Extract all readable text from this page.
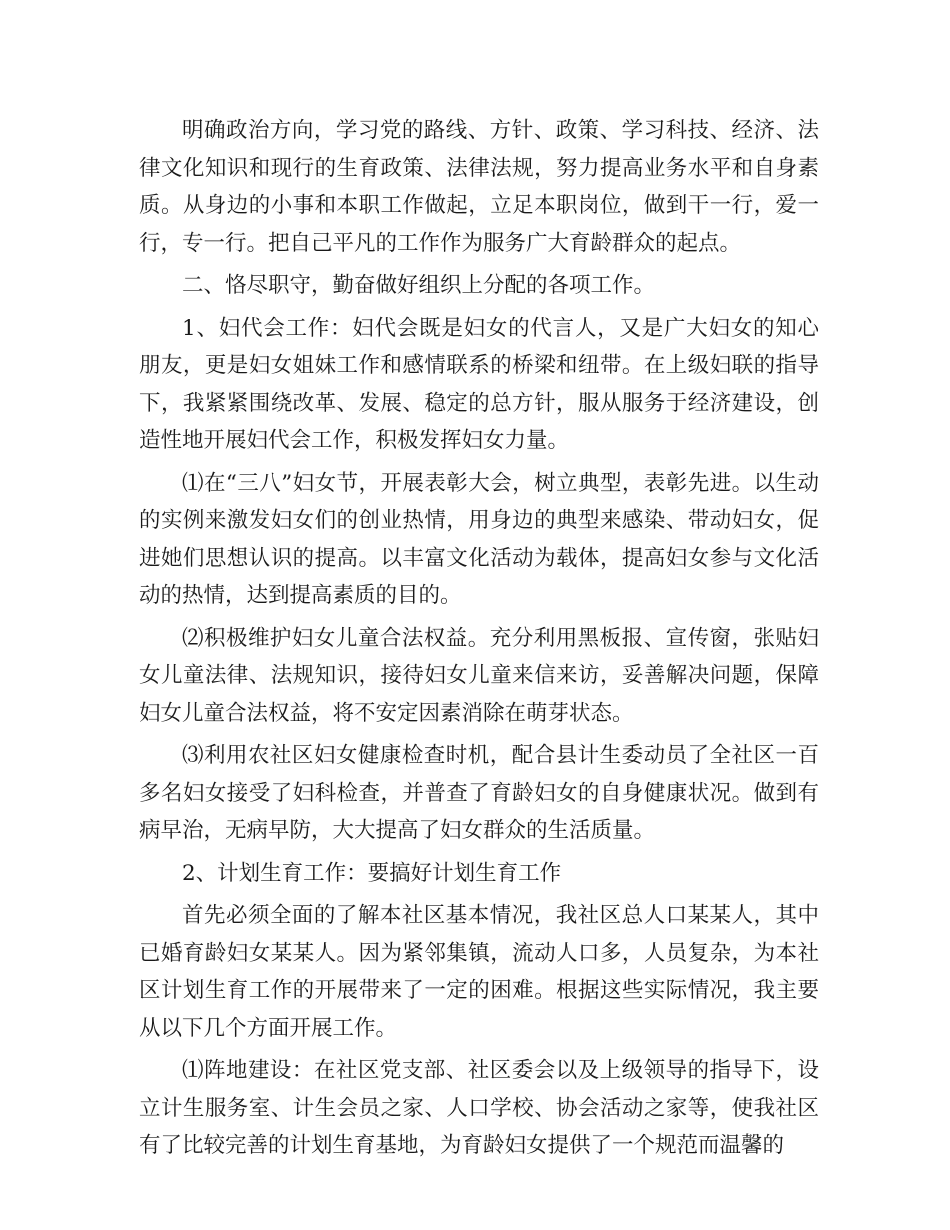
明确政治方向，学习党的路线、方针、政策、学习科技、经济、法律文化知识和现行的生育政策、法律法规，努力提高业务水平和自身素质。从身边的小事和本职工作做起，立足本职岗位，做到干一行，爱一行，专一行。把自己平凡的工作作为服务广大育龄群众的起点。

二、恪尽职守，勤奋做好组织上分配的各项工作。

1、妇代会工作：妇代会既是妇女的代言人，又是广大妇女的知心朋友，更是妇女姐妹工作和感情联系的桥梁和纽带。在上级妇联的指导下，我紧紧围绕改革、发展、稳定的总方针，服从服务于经济建设，创造性地开展妇代会工作，积极发挥妇女力量。

⑴在“三八”妇女节，开展表彰大会，树立典型，表彰先进。以生动的实例来激发妇女们的创业热情，用身边的典型来感染、带动妇女，促进她们思想认识的提高。以丰富文化活动为载体，提高妇女参与文化活动的热情，达到提高素质的目的。

⑵积极维护妇女儿童合法权益。充分利用黑板报、宣传窗，张贴妇女儿童法律、法规知识，接待妇女儿童来信来访，妥善解决问题，保障妇女儿童合法权益，将不安定因素消除在萌芽状态。

⑶利用农社区妇女健康检查时机，配合县计生委动员了全社区一百多名妇女接受了妇科检查，并普查了育龄妇女的自身健康状况。做到有病早治，无病早防，大大提高了妇女群众的生活质量。

2、计划生育工作：要搞好计划生育工作

首先必须全面的了解本社区基本情况，我社区总人口某某人，其中已婚育龄妇女某某人。因为紧邻集镇，流动人口多，人员复杂，为本社区计划生育工作的开展带来了一定的困难。根据这些实际情况，我主要从以下几个方面开展工作。

⑴阵地建设：在社区党支部、社区委会以及上级领导的指导下，设立计生服务室、计生会员之家、人口学校、协会活动之家等，使我社区有了比较完善的计划生育基地，为育龄妇女提供了一个规范而温馨的
